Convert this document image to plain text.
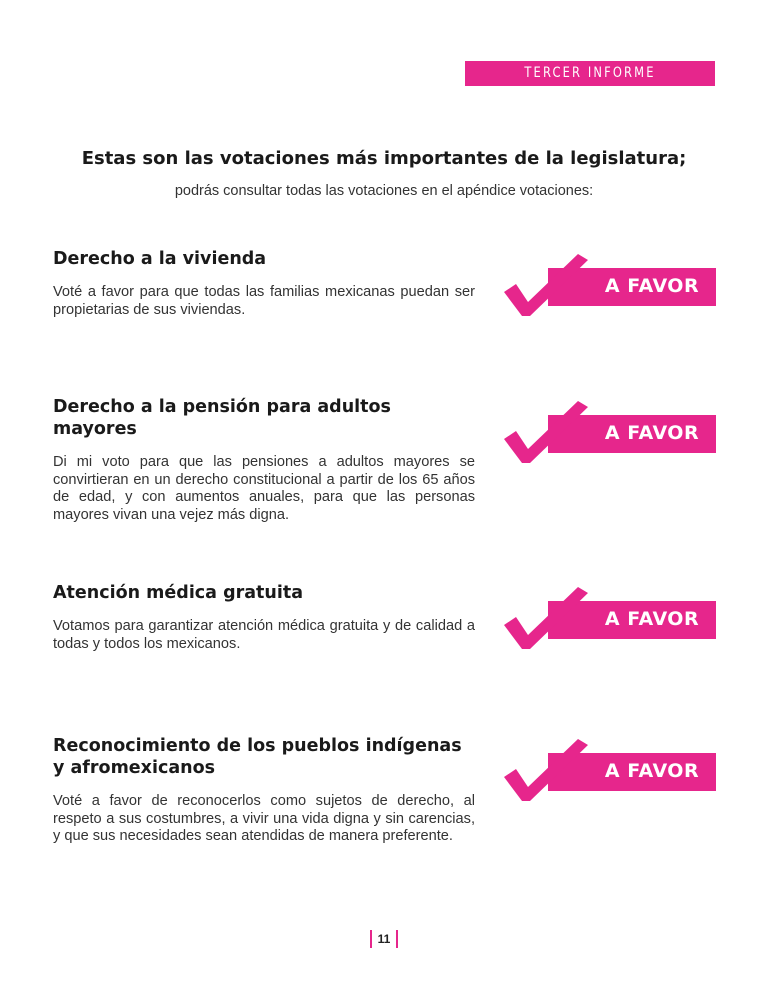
TERCER INFORME LEGISLATIVO
Estas son las votaciones más importantes de la legislatura;
podrás consultar todas las votaciones en el apéndice votaciones:
Derecho a la vivienda

Voté a favor para que todas las familias mexicanas puedan ser propietarias de sus viviendas.

A FAVOR
Derecho a la pensión para adultos mayores

Di mi voto para que las pensiones a adultos mayores se convirtieran en un derecho constitucional a partir de los 65 años de edad, y con aumentos anuales, para que las personas mayores vivan una vejez más digna.

A FAVOR
Atención médica gratuita

Votamos para garantizar atención médica gratuita y de calidad a todas y todos los mexicanos.

A FAVOR
Reconocimiento de los pueblos indígenas y afromexicanos

Voté a favor de reconocerlos como sujetos de derecho, al respeto a sus costumbres, a vivir una vida digna y sin carencias, y que sus necesidades sean atendidas de manera preferente.

A FAVOR
11
